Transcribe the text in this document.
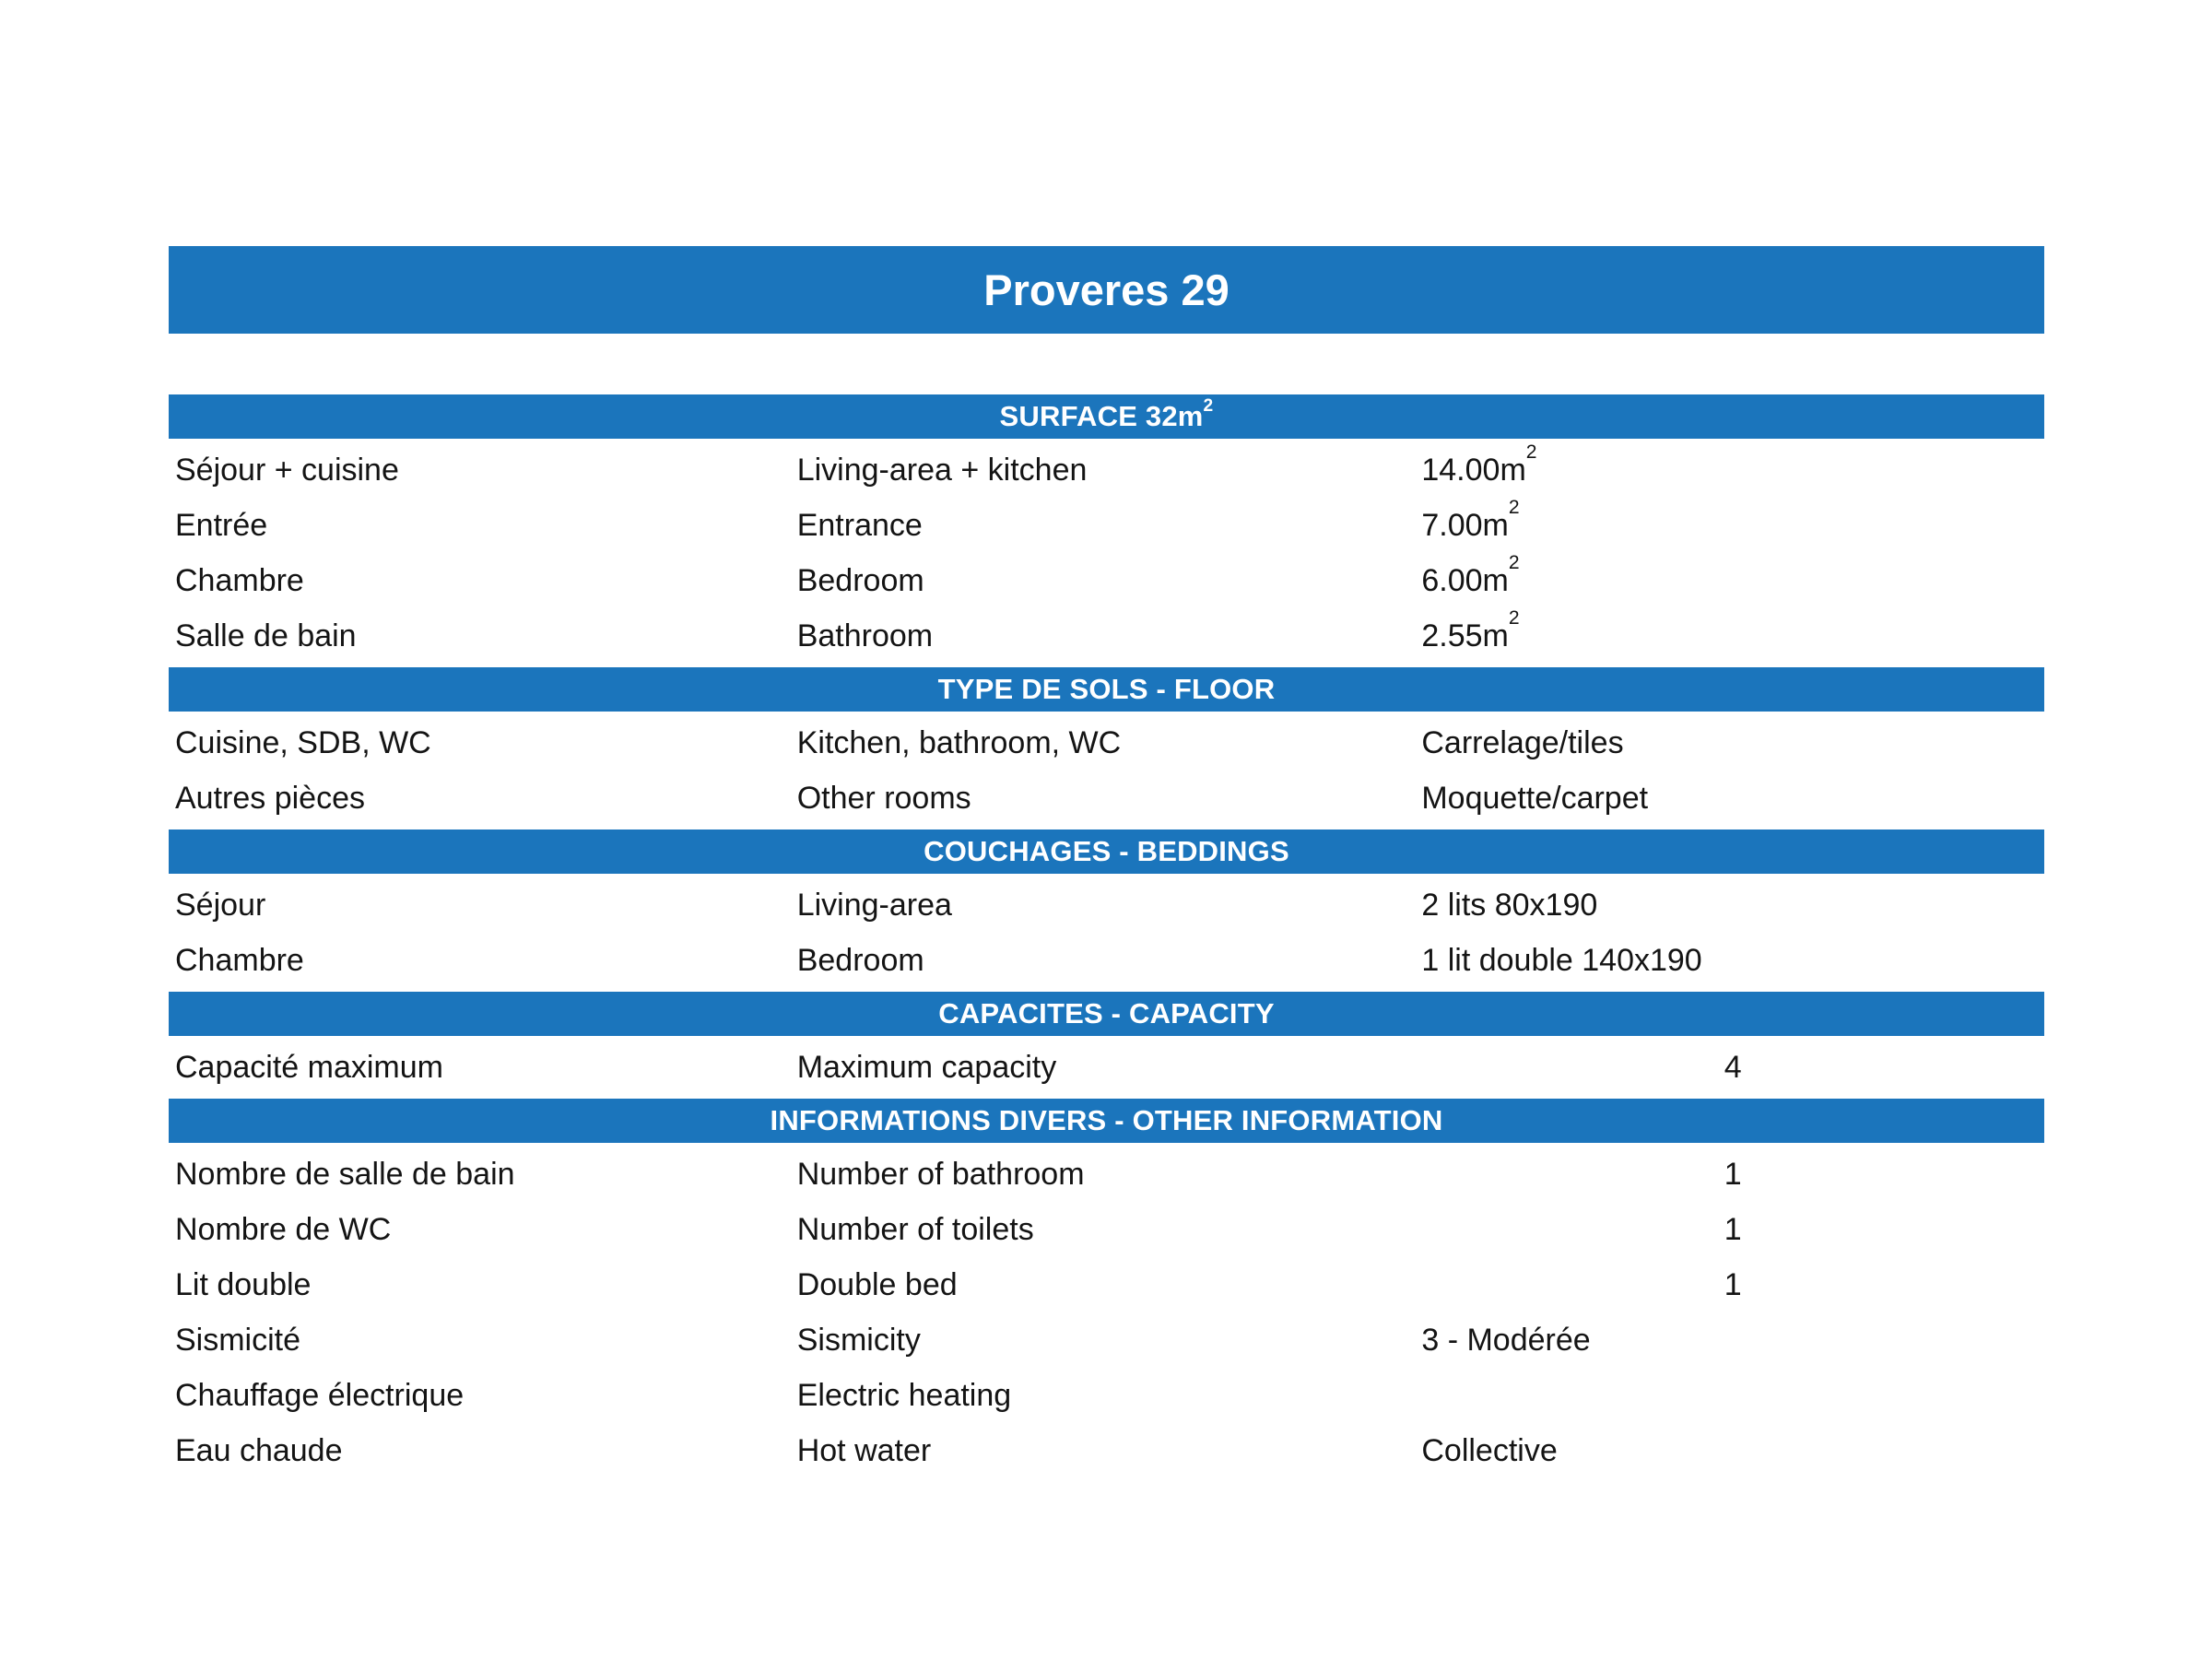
Proveres 29
SURFACE $32m^2$
Séjour + cuisine	Living-area + kitchen	$14.00m^2$
Entrée	Entrance	$7.00m^2$
Chambre	Bedroom	$6.00m^2$
Salle de bain	Bathroom	$2.55m^2$
TYPE DE SOLS - FLOOR
Cuisine, SDB, WC	Kitchen, bathroom, WC	Carrelage/tiles
Autres pièces	Other rooms	Moquette/carpet
COUCHAGES - BEDDINGS
Séjour	Living-area	2 lits 80x190
Chambre	Bedroom	1 lit double 140x190
CAPACITES - CAPACITY
Capacité maximum	Maximum capacity	4
INFORMATIONS DIVERS - OTHER INFORMATION
Nombre de salle de bain	Number of bathroom	1
Nombre de WC	Number of toilets	1
Lit double	Double bed	1
Sismicité	Sismicity	3 - Modérée
Chauffage électrique	Electric heating
Eau chaude	Hot water	Collective
